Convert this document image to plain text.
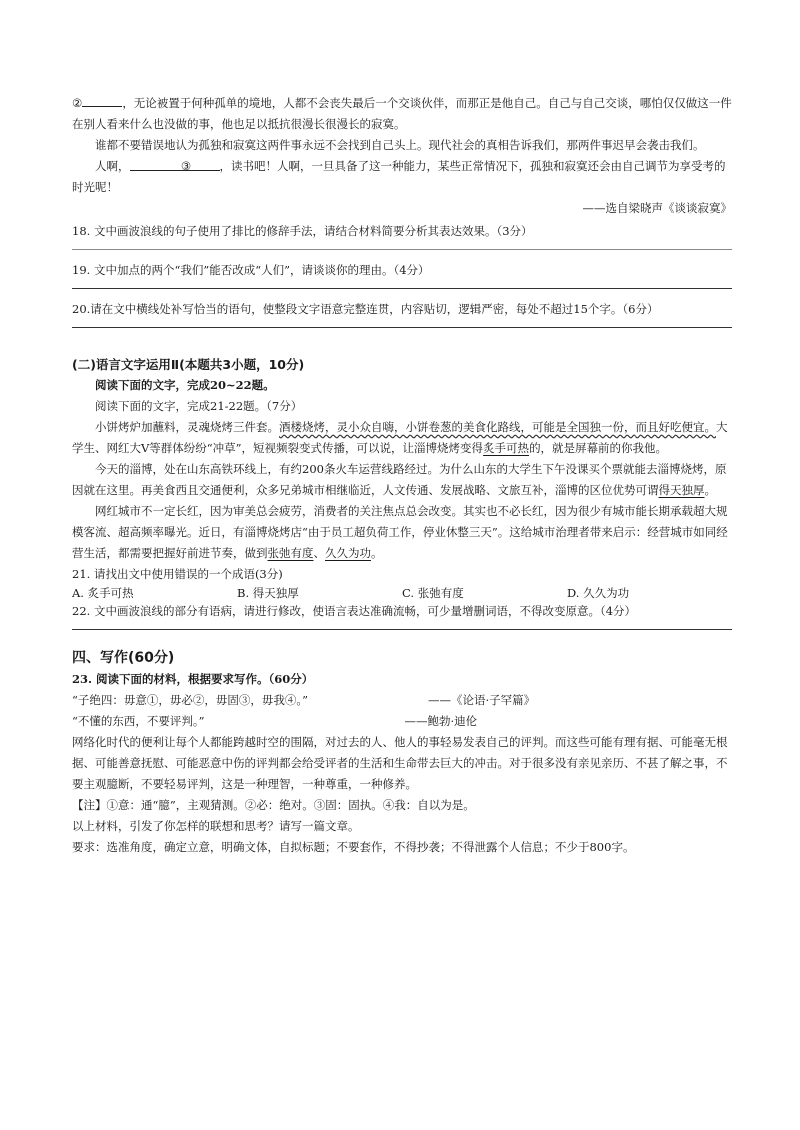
②	，无论被置于何种孤单的境地，人都不会丧失最后一个交谈伙伴，而那正是他自己。自己与自己交谈，哪怕仅仅做这一件在别人看来什么也没做的事，他也足以抵抗很漫长很漫长的寂寞。

谁都不要错误地认为孤独和寂寞这两件事永远不会找到自己头上。现代社会的真相告诉我们，那两件事迟早会袭击我们。

人啊，	③ ，读书吧！人啊，一旦具备了这一种能力，某些正常情况下，孤独和寂寞还会由自己调节为享受考的时光呢！

——选自梁晓声《谈谈寂寞》

18. 文中画波浪线的句子使用了排比的修辞手法，请结合材料简要分析其表达效果。（3分）

19. 文中加点的两个“我们”能否改成“人们”，请谈谈你的理由。（4分）

20.请在文中横线处补写恰当的语句，使整段文字语意完整连贯，内容贴切，逻辑严密，每处不超过15个字。（6分）

(二)语言文字运用Ⅱ(本题共3小题，10分)

阅读下面的文字，完成20~22题。

阅读下面的文字，完成21-22题。（7分）

小饼烤炉加蘸料，灵魂烧烤三件套。酒楼烧烤，灵小众自嗨，小饼卷葱的美食化路线，可能是全国独一份，而且好吃便宜。大学生、网红大V等群体纷纷“冲草”，短视频裂变式传播，可以说，让淄博烧烤变得炙手可热的，就是屏幕前的你我他。

今天的淄博，处在山东高铁环线上，有约200条火车运营线路经过。为什么山东的大学生下午没课买个票就能去淄博烧烤，原因就在这里。再美食西且交通便利，众多兄弟城市相继临近，人文传通、发展战略、文旅互补，淄博的区位优势可谓得天独厚。

网红城市不一定长红，因为审美总会疲劳，消费者的关注焦点总会改变。其实也不必长红，因为很少有城市能长期承载超大规模客流、超高频率曝光。近日，有淄博烧烤店“由于员工超负荷工作，停业休整三天”。这给城市治理者带来启示：经营城市如同经营生活，都需要把握好前进节奏，做到张弛有度、久久为功。

21. 请找出文中使用错误的一个成语(3分)

A. 炙手可热	B. 得天独厚	C. 张弛有度	D. 久久为功

22. 文中画波浪线的部分有语病，请进行修改，使语言表达准确流畅，可少量增删词语，不得改变原意。（4分）

四、写作(60分)

23. 阅读下面的材料，根据要求写作。（60分）

“子绝四：毋意①，毋必②，毋固③，毋我④。”	——《论语·子罕篇》

“不懂的东西，不要评判。”	——鲍勃·迪伦

网络化时代的便利让每个人都能跨越时空的围隔，对过去的人、他人的事轻易发表自己的评判。而这些可能有理有据、可能毫无根据、可能善意抚慰、可能恶意中伤的评判都会给受评者的生活和生命带去巨大的冲击。对于很多没有亲见亲历、不甚了解之事，不要主观臆断，不要轻易评判，这是一种理智，一种尊重，一种修养。

【注】①意：通“臆”，主观猜测。②必：绝对。③固：固执。④我：自以为是。

以上材料，引发了你怎样的联想和思考？请写一篇文章。

要求：选准角度，确定立意，明确文体，自拟标题；不要套作，不得抄袭；不得泄露个人信息；不少于800字。
